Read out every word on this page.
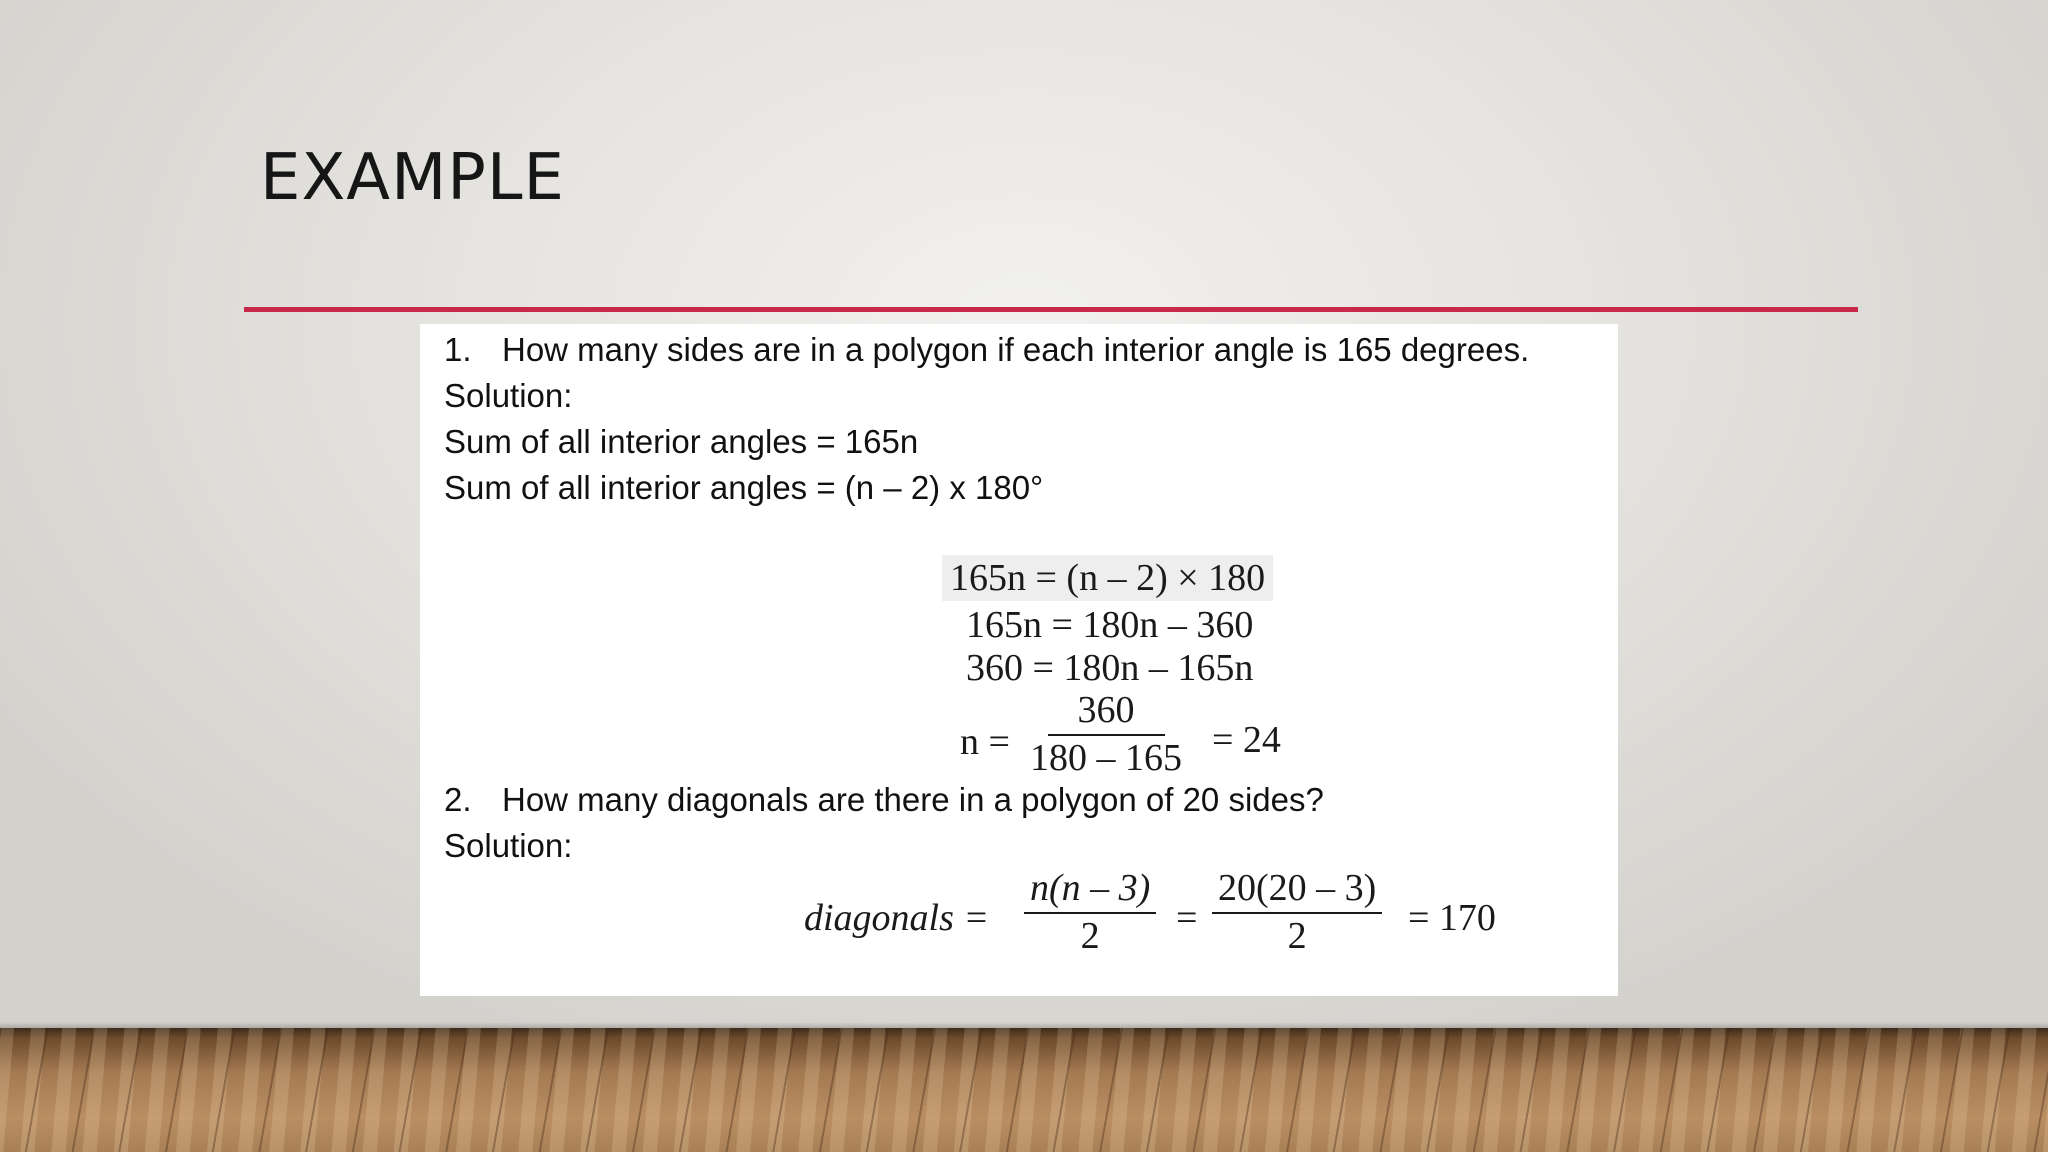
EXAMPLE
1. How many sides are in a polygon if each interior angle is 165 degrees.
Solution:
Sum of all interior angles = 165n
Sum of all interior angles = (n – 2) x 180°
165n = (n – 2) × 180
165n = 180n – 360
360 = 180n – 165n
$n = \frac{360}{180 - 165} = 24$
2. How many diagonals are there in a polygon of 20 sides?
Solution:
diagonals = $\frac{n(n - 3)}{2} = \frac{20(20 - 3)}{2} = 170$
